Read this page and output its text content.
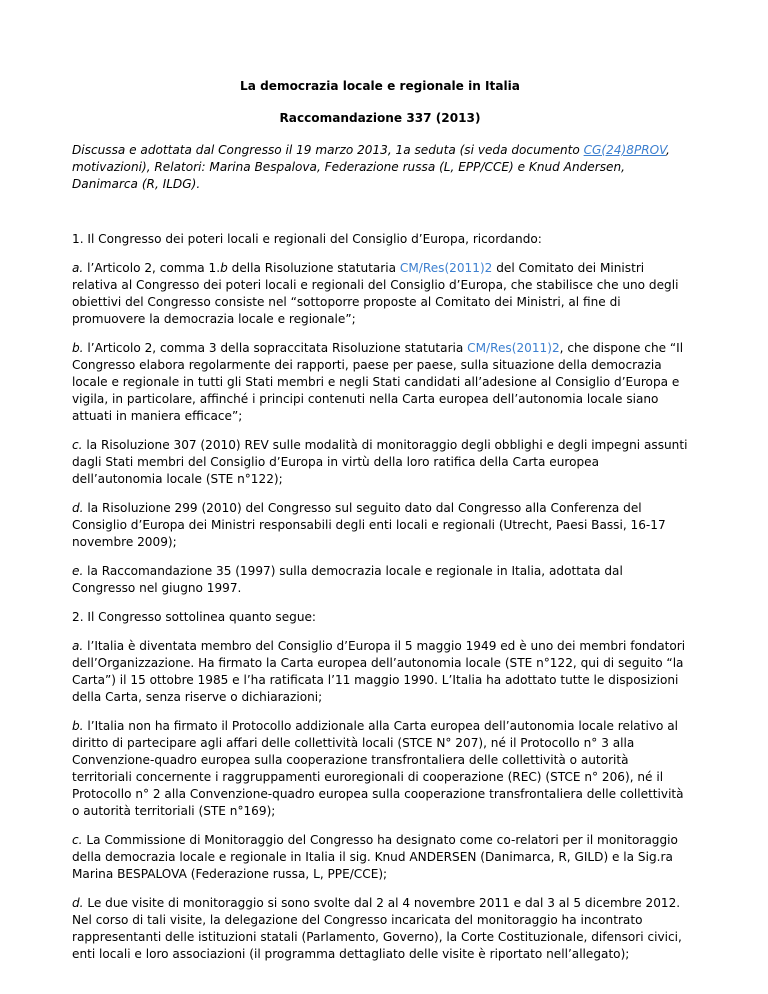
La democrazia locale e regionale in Italia
Raccomandazione 337 (2013)
Discussa e adottata dal Congresso il 19 marzo 2013, 1a seduta (si veda documento CG(24)8PROV, motivazioni), Relatori: Marina Bespalova, Federazione russa (L, EPP/CCE) e Knud Andersen, Danimarca (R, ILDG).

1. Il Congresso dei poteri locali e regionali del Consiglio d’Europa, ricordando:

a. l’Articolo 2, comma 1.b della Risoluzione statutaria CM/Res(2011)2 del Comitato dei Ministri relativa al Congresso dei poteri locali e regionali del Consiglio d’Europa, che stabilisce che uno degli obiettivi del Congresso consiste nel “sottoporre proposte al Comitato dei Ministri, al fine di promuovere la democrazia locale e regionale”;

b. l’Articolo 2, comma 3 della sopraccitata Risoluzione statutaria CM/Res(2011)2, che dispone che “Il Congresso elabora regolarmente dei rapporti, paese per paese, sulla situazione della democrazia locale e regionale in tutti gli Stati membri e negli Stati candidati all’adesione al Consiglio d’Europa e vigila, in particolare, affinché i principi contenuti nella Carta europea dell’autonomia locale siano attuati in maniera efficace”;

c. la Risoluzione 307 (2010) REV sulle modalità di monitoraggio degli obblighi e degli impegni assunti dagli Stati membri del Consiglio d’Europa in virtù della loro ratifica della Carta europea dell’autonomia locale (STE n°122);

d. la Risoluzione 299 (2010) del Congresso sul seguito dato dal Congresso alla Conferenza del Consiglio d’Europa dei Ministri responsabili degli enti locali e regionali (Utrecht, Paesi Bassi, 16-17 novembre 2009);

e. la Raccomandazione 35 (1997) sulla democrazia locale e regionale in Italia, adottata dal Congresso nel giugno 1997.

2. Il Congresso sottolinea quanto segue:

a. l’Italia è diventata membro del Consiglio d’Europa il 5 maggio 1949 ed è uno dei membri fondatori dell’Organizzazione. Ha firmato la Carta europea dell’autonomia locale (STE n°122, qui di seguito “la Carta”) il 15 ottobre 1985 e l’ha ratificata l’11 maggio 1990. L’Italia ha adottato tutte le disposizioni della Carta, senza riserve o dichiarazioni;

b. l’Italia non ha firmato il Protocollo addizionale alla Carta europea dell’autonomia locale relativo al diritto di partecipare agli affari delle collettività locali (STCE N° 207), né il Protocollo n° 3 alla Convenzione-quadro europea sulla cooperazione transfrontaliera delle collettività o autorità territoriali concernente i raggruppamenti euroregionali di cooperazione (REC) (STCE n° 206), né il Protocollo n° 2 alla Convenzione-quadro europea sulla cooperazione transfrontaliera delle collettività o autorità territoriali (STE n°169);

c. La Commissione di Monitoraggio del Congresso ha designato come co-relatori per il monitoraggio della democrazia locale e regionale in Italia il sig. Knud ANDERSEN (Danimarca, R, GILD) e la Sig.ra Marina BESPALOVA (Federazione russa, L, PPE/CCE);

d. Le due visite di monitoraggio si sono svolte dal 2 al 4 novembre 2011 e dal 3 al 5 dicembre 2012. Nel corso di tali visite, la delegazione del Congresso incaricata del monitoraggio ha incontrato rappresentanti delle istituzioni statali (Parlamento, Governo), la Corte Costituzionale, difensori civici, enti locali e loro associazioni (il programma dettagliato delle visite è riportato nell’allegato);
